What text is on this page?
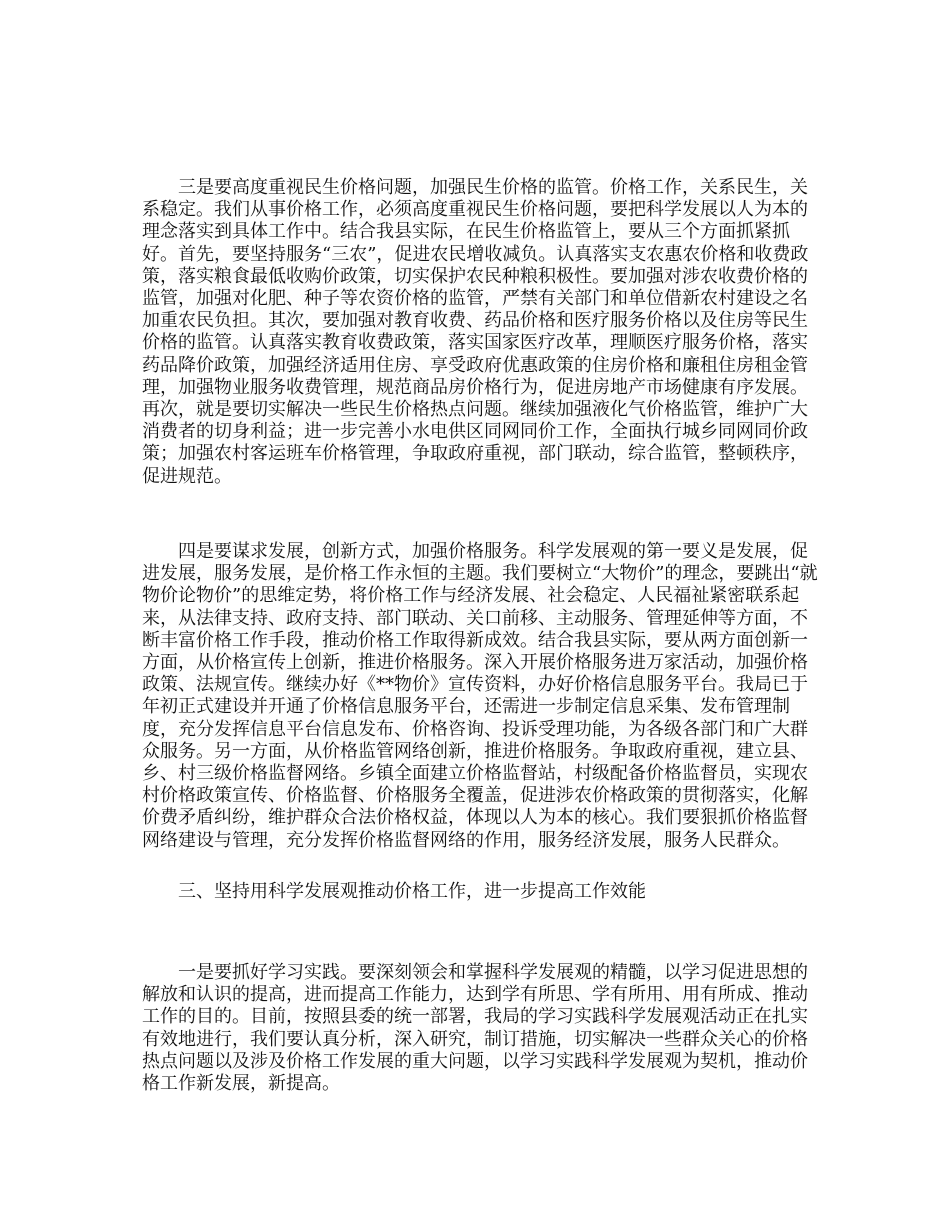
三是要高度重视民生价格问题，加强民生价格的监管。价格工作，关系民生，关系稳定。我们从事价格工作，必须高度重视民生价格问题，要把科学发展以人为本的理念落实到具体工作中。结合我县实际，在民生价格监管上，要从三个方面抓紧抓好。首先，要坚持服务“三农”，促进农民增收减负。认真落实支农惠农价格和收费政策，落实粮食最低收购价政策，切实保护农民种粮积极性。要加强对涉农收费价格的监管，加强对化肥、种子等农资价格的监管，严禁有关部门和单位借新农村建设之名加重农民负担。其次，要加强对教育收费、药品价格和医疗服务价格以及住房等民生价格的监管。认真落实教育收费政策，落实国家医疗改革，理顺医疗服务价格，落实药品降价政策，加强经济适用住房、享受政府优惠政策的住房价格和廉租住房租金管理，加强物业服务收费管理，规范商品房价格行为，促进房地产市场健康有序发展。再次，就是要切实解决一些民生价格热点问题。继续加强液化气价格监管，维护广大消费者的切身利益；进一步完善小水电供区同网同价工作，全面执行城乡同网同价政策；加强农村客运班车价格管理，争取政府重视，部门联动，综合监管，整顿秩序，促进规范。

四是要谋求发展，创新方式，加强价格服务。科学发展观的第一要义是发展，促进发展，服务发展，是价格工作永恒的主题。我们要树立“大物价”的理念，要跳出“就物价论物价”的思维定势，将价格工作与经济发展、社会稳定、人民福祉紧密联系起来，从法律支持、政府支持、部门联动、关口前移、主动服务、管理延伸等方面，不断丰富价格工作手段，推动价格工作取得新成效。结合我县实际，要从两方面创新一方面，从价格宣传上创新，推进价格服务。深入开展价格服务进万家活动，加强价格政策、法规宣传。继续办好《**物价》宣传资料，办好价格信息服务平台。我局已于年初正式建设并开通了价格信息服务平台，还需进一步制定信息采集、发布管理制度，充分发挥信息平台信息发布、价格咨询、投诉受理功能，为各级各部门和广大群众服务。另一方面，从价格监管网络创新，推进价格服务。争取政府重视，建立县、乡、村三级价格监督网络。乡镇全面建立价格监督站，村级配备价格监督员，实现农村价格政策宣传、价格监督、价格服务全覆盖，促进涉农价格政策的贯彻落实，化解价费矛盾纠纷，维护群众合法价格权益，体现以人为本的核心。我们要狠抓价格监督网络建设与管理，充分发挥价格监督网络的作用，服务经济发展，服务人民群众。

三、坚持用科学发展观推动价格工作，进一步提高工作效能

一是要抓好学习实践。要深刻领会和掌握科学发展观的精髓，以学习促进思想的解放和认识的提高，进而提高工作能力，达到学有所思、学有所用、用有所成、推动工作的目的。目前，按照县委的统一部署，我局的学习实践科学发展观活动正在扎实有效地进行，我们要认真分析，深入研究，制订措施，切实解决一些群众关心的价格热点问题以及涉及价格工作发展的重大问题，以学习实践科学发展观为契机，推动价格工作新发展，新提高。
